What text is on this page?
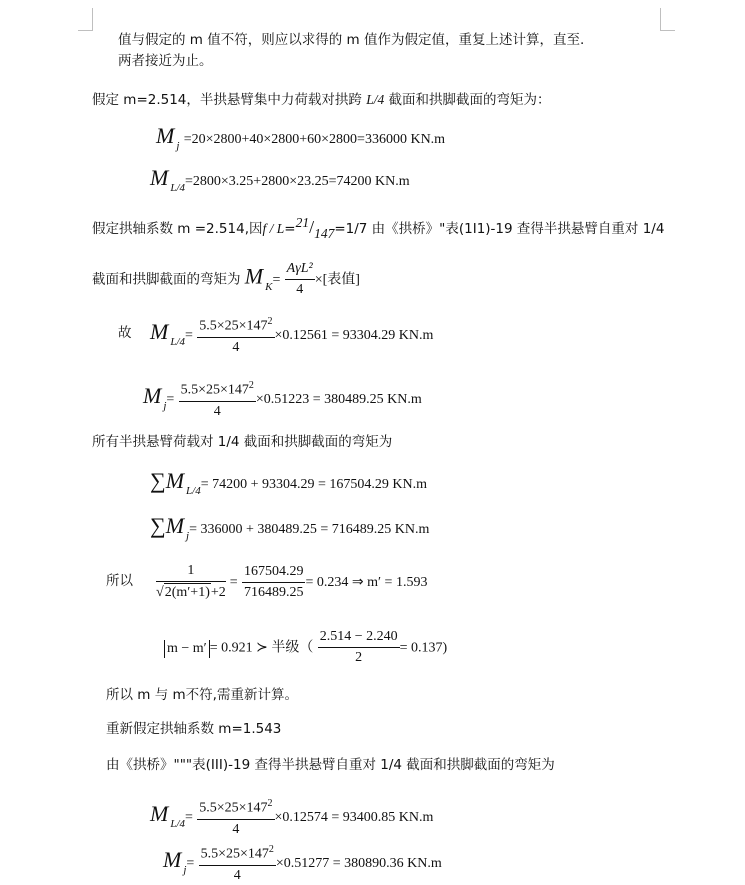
值与假定的 m 值不符，则应以求得的 m 值作为假定值，重复上述计算，直至.
两者接近为止。
假定 m=2.514，半拱悬臂集中力荷载对拱跨 L/4 截面和拱脚截面的弯矩为：
M $_j$ =20×2800+40×2800+60×2800=336000 KN.m
M $_{L/4}$=2800×3.25+2800×23.25=74200 KN.m
假定拱轴系数 m =2.514,因f / L=21/147=1/7 由《拱桥》"表(1I1)-19 查得半拱悬臂自重对 1/4
截面和拱脚截面的弯矩为 M $_K= \frac{\text{AγL²}}{4}$ ×[表值]
故 M $_{L/4}= \frac{5.5\times 25\times 147^2}{4} \times 0.12561 = 93304.29$ KN.m
M $_j= \frac{5.5\times 25\times 147^2}{4} \times 0.51223 = 380489.25$ KN.m
所有半拱悬臂荷载对 1/4 截面和拱脚截面的弯矩为
∑M $_{L/4}$= 74200 + 93304.29 = 167504.29 KN.m
∑M $_j$= 336000 + 380489.25 = 716489.25 KN.m
所以 $\frac{1}{√2(m'+1)+2} = \frac{167504.29}{716489.25} = 0.234$ ⇒ m′ = 1.593
m − m′ = 0.921 ≻ 半级（ $\frac{2.514 - 2.240}{2} = 0.137$)
所以 m 与 m不符,需重新计算。
重新假定拱轴系数 m=1.543
由《拱桥》"""表(III)-19 查得半拱悬臂自重对 1/4 截面和拱脚截面的弯矩为
M $_{L/4}= \frac{5.5\times 25\times 147^2}{4} \times 0.12574 = 93400.85$ KN.m
M $_j= \frac{5.5\times 25\times 147^2}{4} \times 0.51277 = 380890.36$ KN.m
